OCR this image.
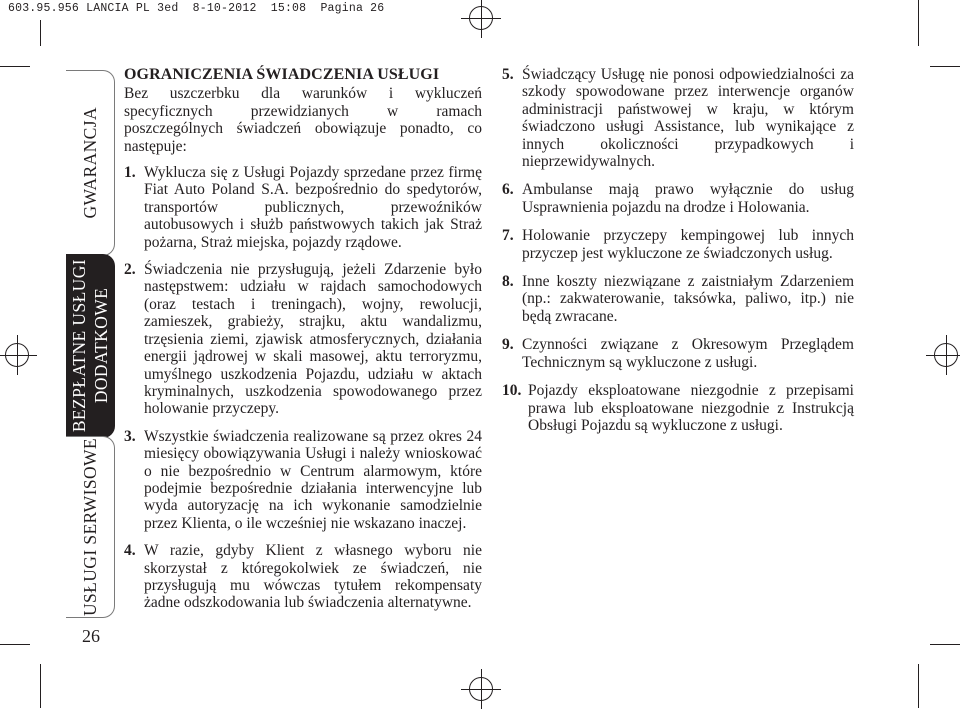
603.95.956 LANCIA PL 3ed  8-10-2012  15:08  Pagina 26
GWARANCJA
BEZPŁATNE USŁUGI DODATKOWE
USŁUGI SERWISOWE
26
OGRANICZENIA ŚWIADCZENIA USŁUGI
Bez uszczerbku dla warunków i wykluczeń specyficznych przewidzianych w ramach poszczególnych świadczeń obowiązuje ponadto, co następuje:
1. Wyklucza się z Usługi Pojazdy sprzedane przez firmę Fiat Auto Poland S.A. bezpośrednio do spedytorów, transportów publicznych, przewoźników autobusowych i służb państwowych takich jak Straż pożarna, Straż miejska, pojazdy rządowe.
2. Świadczenia nie przysługują, jeżeli Zdarzenie było następstwem: udziału w rajdach samochodowych (oraz testach i treningach), wojny, rewolucji, zamieszek, grabieży, strajku, aktu wandalizmu, trzęsienia ziemi, zjawisk atmosferycznych, działania energii jądrowej w skali masowej, aktu terroryzmu, umyślnego uszkodzenia Pojazdu, udziału w aktach kryminalnych, uszkodzenia spowodowanego przez holowanie przyczepy.
3. Wszystkie świadczenia realizowane są przez okres 24 miesięcy obowiązywania Usługi i należy wnioskować o nie bezpośrednio w Centrum alarmowym, które podejmie bezpośrednie działania interwencyjne lub wyda autoryzację na ich wykonanie samodzielnie przez Klienta, o ile wcześniej nie wskazano inaczej.
4. W razie, gdyby Klient z własnego wyboru nie skorzystał z któregokolwiek ze świadczeń, nie przysługują mu wówczas tytułem rekompensaty żadne odszkodowania lub świadczenia alternatywne.
5. Świadczący Usługę nie ponosi odpowiedzialności za szkody spowodowane przez interwencje organów administracji państwowej w kraju, w którym świadczono usługi Assistance, lub wynikające z innych okoliczności przypadkowych i nieprzewidywalnych.
6. Ambulanse mają prawo wyłącznie do usług Usprawnienia pojazdu na drodze i Holowania.
7. Holowanie przyczepy kempingowej lub innych przyczep jest wykluczone ze świadczonych usług.
8. Inne koszty niezwiązane z zaistniałym Zdarzeniem (np.: zakwaterowanie, taksówka, paliwo, itp.) nie będą zwracane.
9. Czynności związane z Okresowym Przeglądem Technicznym są wykluczone z usługi.
10. Pojazdy eksploatowane niezgodnie z przepisami prawa lub eksploatowane niezgodnie z Instrukcją Obsługi Pojazdu są wykluczone z usługi.
